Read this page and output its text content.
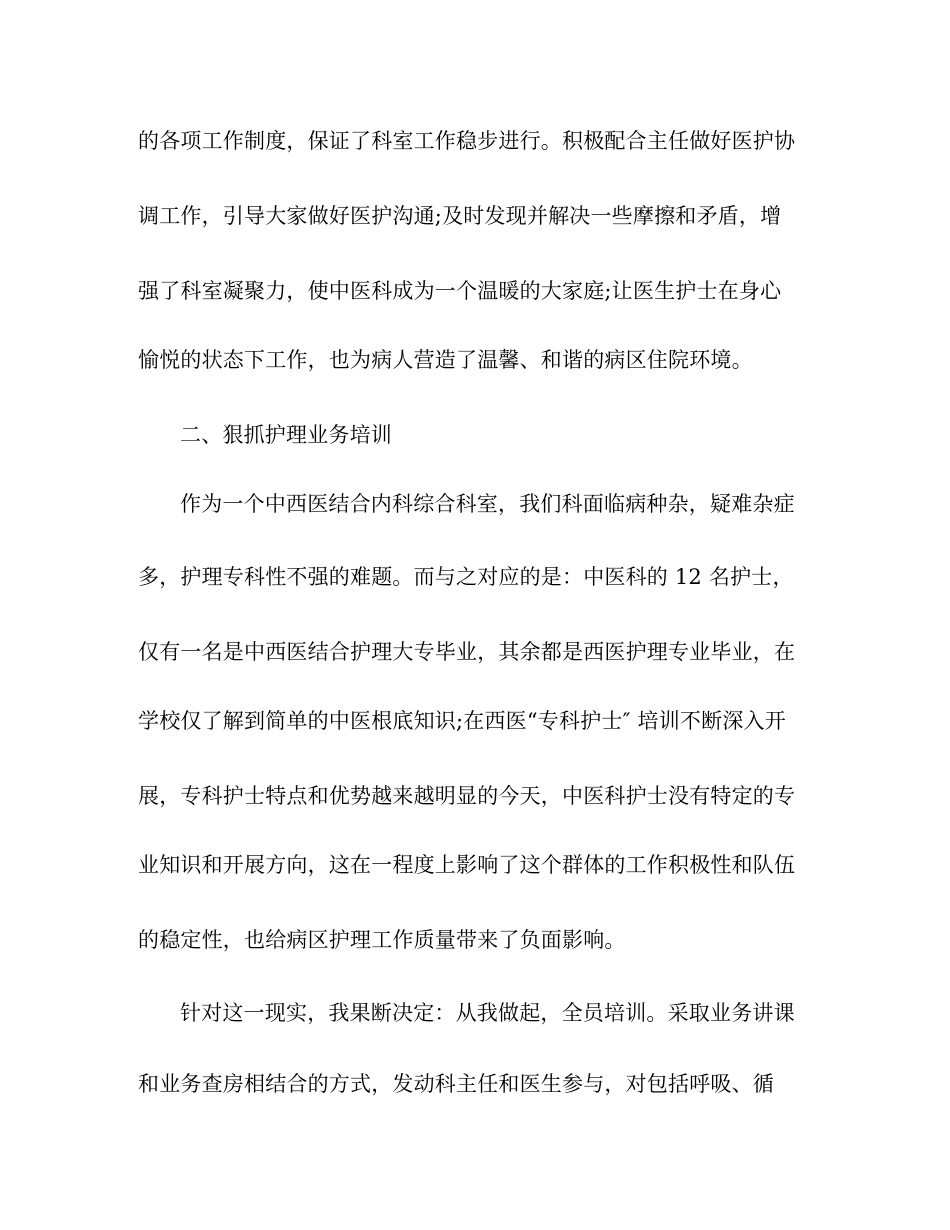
的各项工作制度，保证了科室工作稳步进行。积极配合主任做好医护协
调工作，引导大家做好医护沟通;及时发现并解决一些摩擦和矛盾，增
强了科室凝聚力，使中医科成为一个温暖的大家庭;让医生护士在身心
愉悦的状态下工作，也为病人营造了温馨、和谐的病区住院环境。
二、狠抓护理业务培训
作为一个中西医结合内科综合科室，我们科面临病种杂，疑难杂症
多，护理专科性不强的难题。而与之对应的是：中医科的 12 名护士，
仅有一名是中西医结合护理大专毕业，其余都是西医护理专业毕业，在
学校仅了解到简单的中医根底知识;在西医“专科护士″ 培训不断深入开
展，专科护士特点和优势越来越明显的今天，中医科护士没有特定的专
业知识和开展方向，这在一程度上影响了这个群体的工作积极性和队伍
的稳定性，也给病区护理工作质量带来了负面影响。
针对这一现实，我果断决定：从我做起，全员培训。采取业务讲课
和业务查房相结合的方式，发动科主任和医生参与，对包括呼吸、循
